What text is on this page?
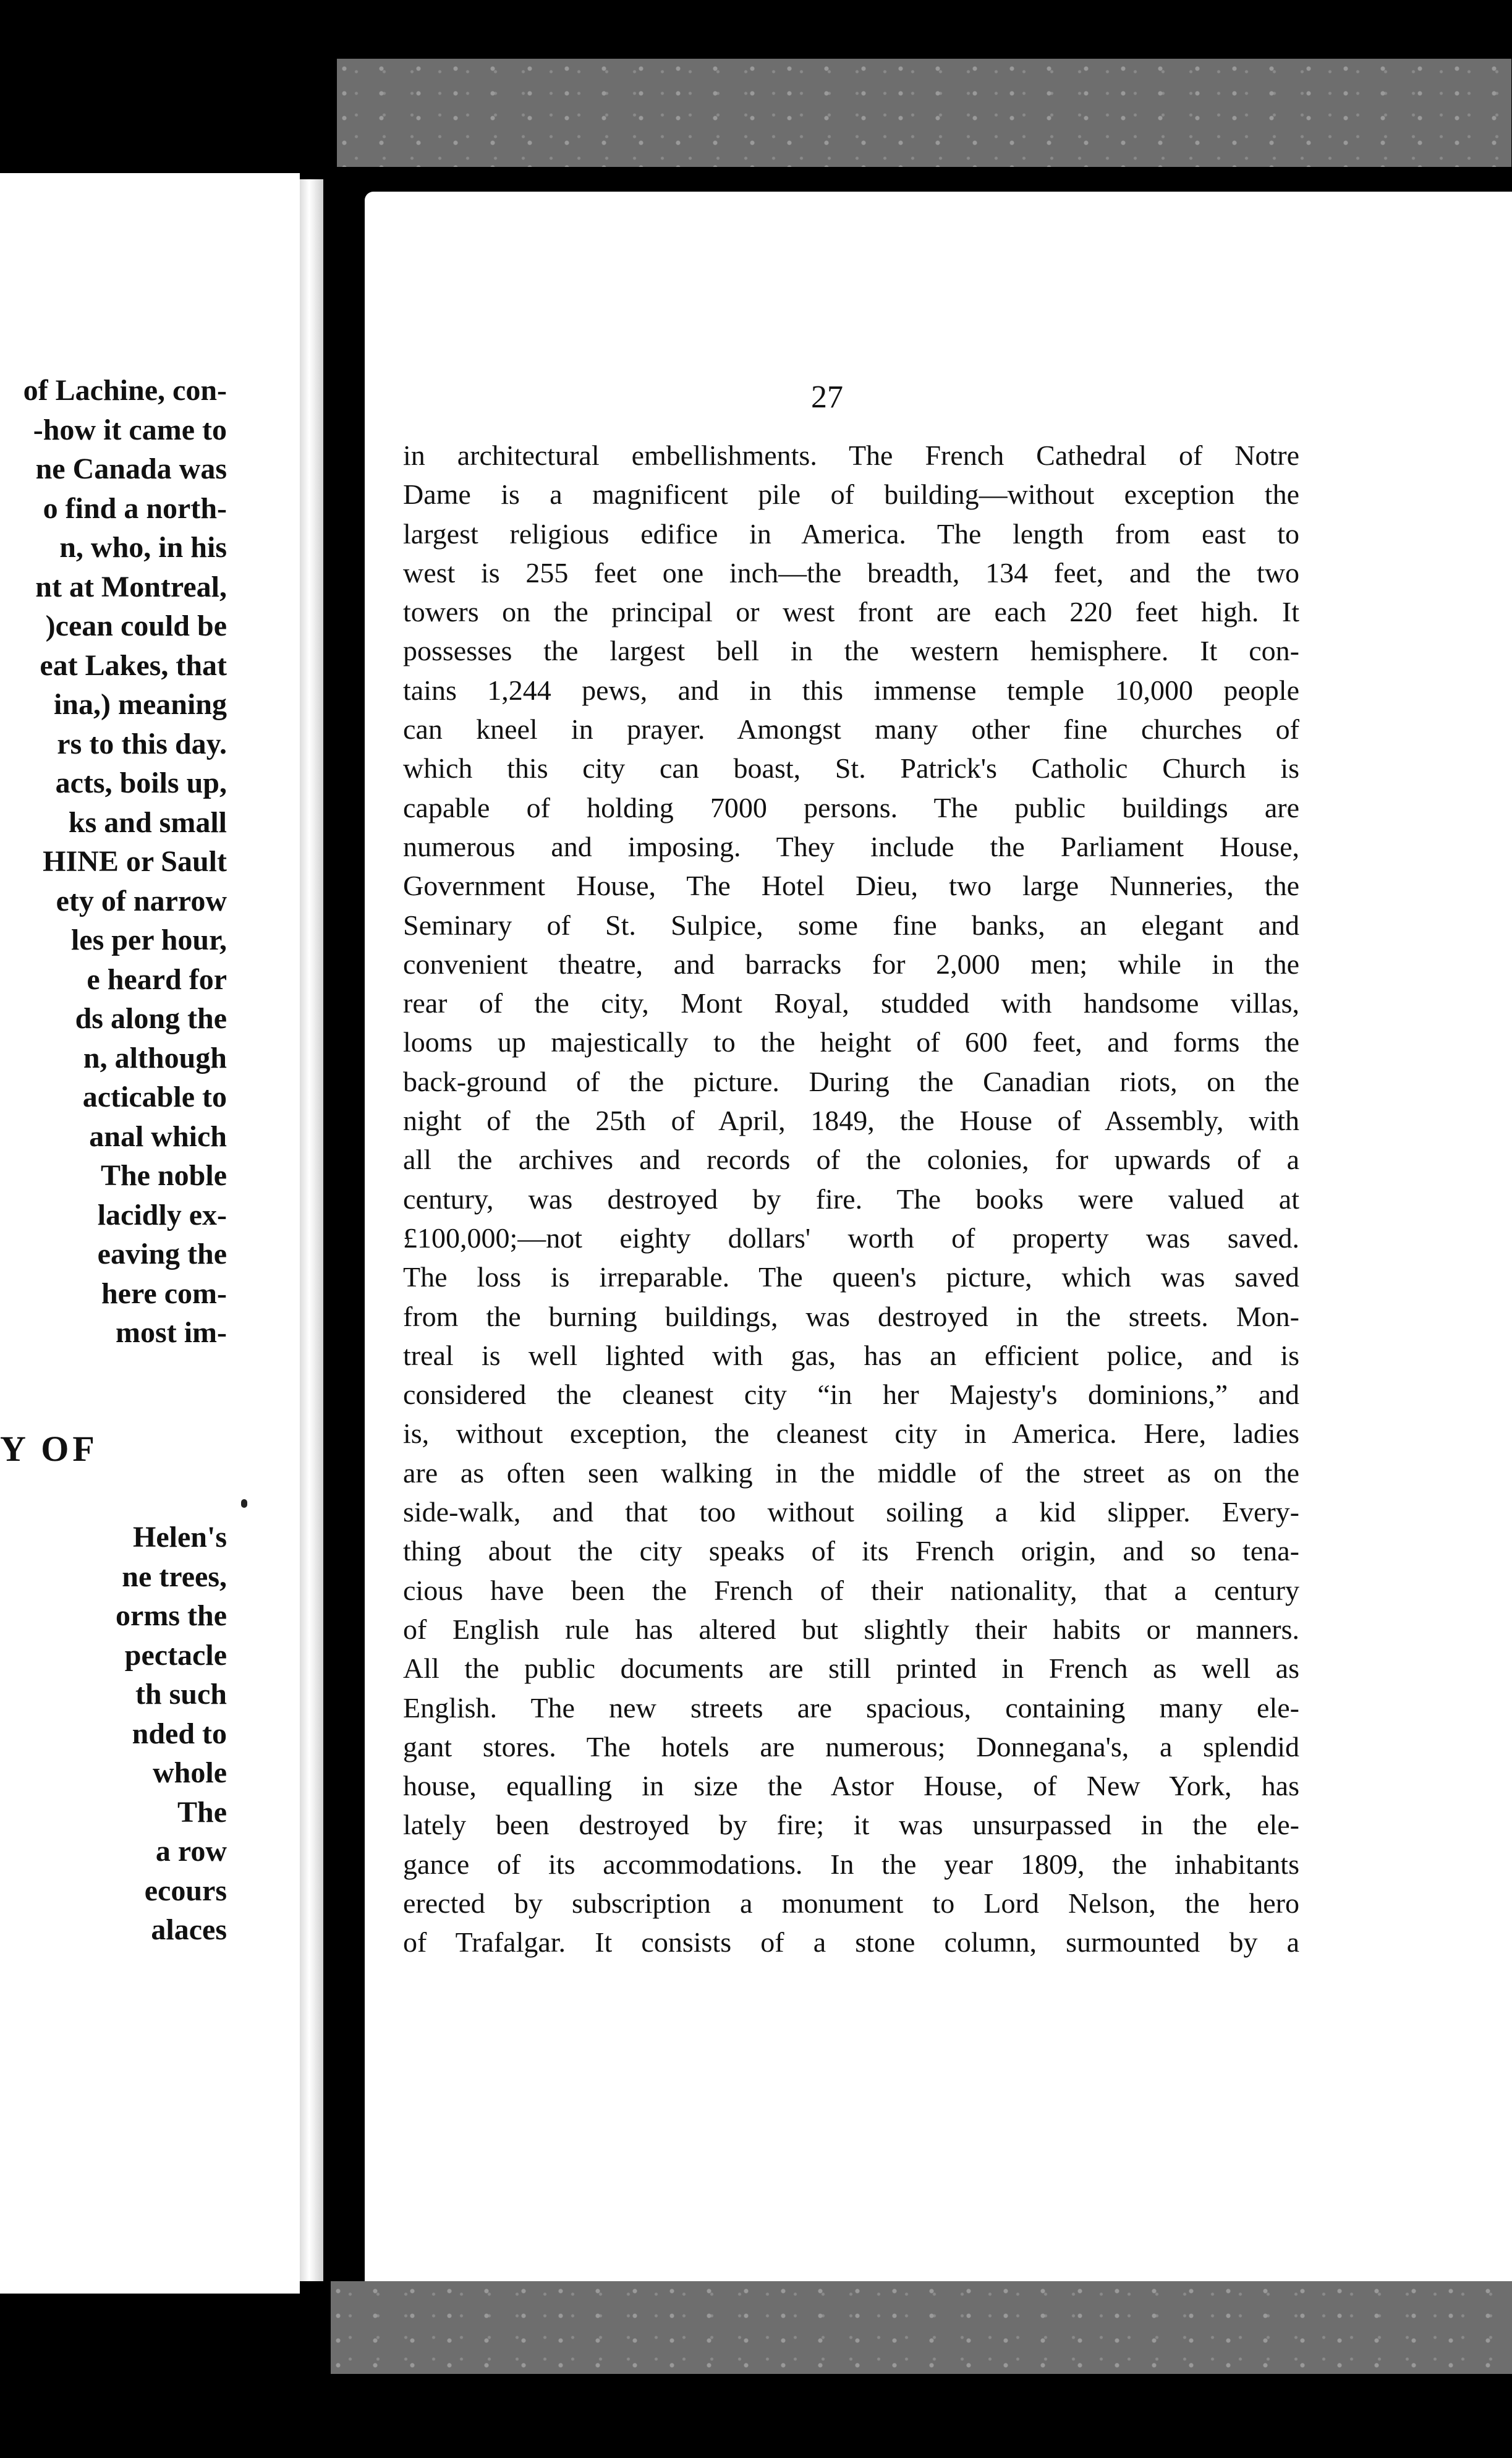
of Lachine, con-
-how it came to
ne Canada was
o find a north-
n, who, in his
nt at Montreal,
)cean could be
eat Lakes, that
ina,) meaning
rs to this day.
acts, boils up,
ks and small
HINE or Sault
ety of narrow
les per hour,
e heard for
ds along the
n, although
acticable to
anal which
The noble
lacidly ex-
eaving the
here com-
most im-
Y OF
Helen's
ne trees,
orms the
pectacle
th such
nded to
whole
The
a row
ecours
alaces
27
in architectural embellishments. The French Cathedral of Notre
Dame is a magnificent pile of building—without exception the
largest religious edifice in America. The length from east to
west is 255 feet one inch—the breadth, 134 feet, and the two
towers on the principal or west front are each 220 feet high. It
possesses the largest bell in the western hemisphere. It con-
tains 1,244 pews, and in this immense temple 10,000 people
can kneel in prayer. Amongst many other fine churches of
which this city can boast, St. Patrick's Catholic Church is
capable of holding 7000 persons. The public buildings are
numerous and imposing. They include the Parliament House,
Government House, The Hotel Dieu, two large Nunneries, the
Seminary of St. Sulpice, some fine banks, an elegant and
convenient theatre, and barracks for 2,000 men; while in the
rear of the city, Mont Royal, studded with handsome villas,
looms up majestically to the height of 600 feet, and forms the
back-ground of the picture. During the Canadian riots, on the
night of the 25th of April, 1849, the House of Assembly, with
all the archives and records of the colonies, for upwards of a
century, was destroyed by fire. The books were valued at
£100,000;—not eighty dollars' worth of property was saved.
The loss is irreparable. The queen's picture, which was saved
from the burning buildings, was destroyed in the streets. Mon-
treal is well lighted with gas, has an efficient police, and is
considered the cleanest city “in her Majesty's dominions,” and
is, without exception, the cleanest city in America. Here, ladies
are as often seen walking in the middle of the street as on the
side-walk, and that too without soiling a kid slipper. Every-
thing about the city speaks of its French origin, and so tena-
cious have been the French of their nationality, that a century
of English rule has altered but slightly their habits or manners.
All the public documents are still printed in French as well as
English. The new streets are spacious, containing many ele-
gant stores. The hotels are numerous; Donnegana's, a splendid
house, equalling in size the Astor House, of New York, has
lately been destroyed by fire; it was unsurpassed in the ele-
gance of its accommodations. In the year 1809, the inhabitants
erected by subscription a monument to Lord Nelson, the hero
of Trafalgar. It consists of a stone column, surmounted by a
